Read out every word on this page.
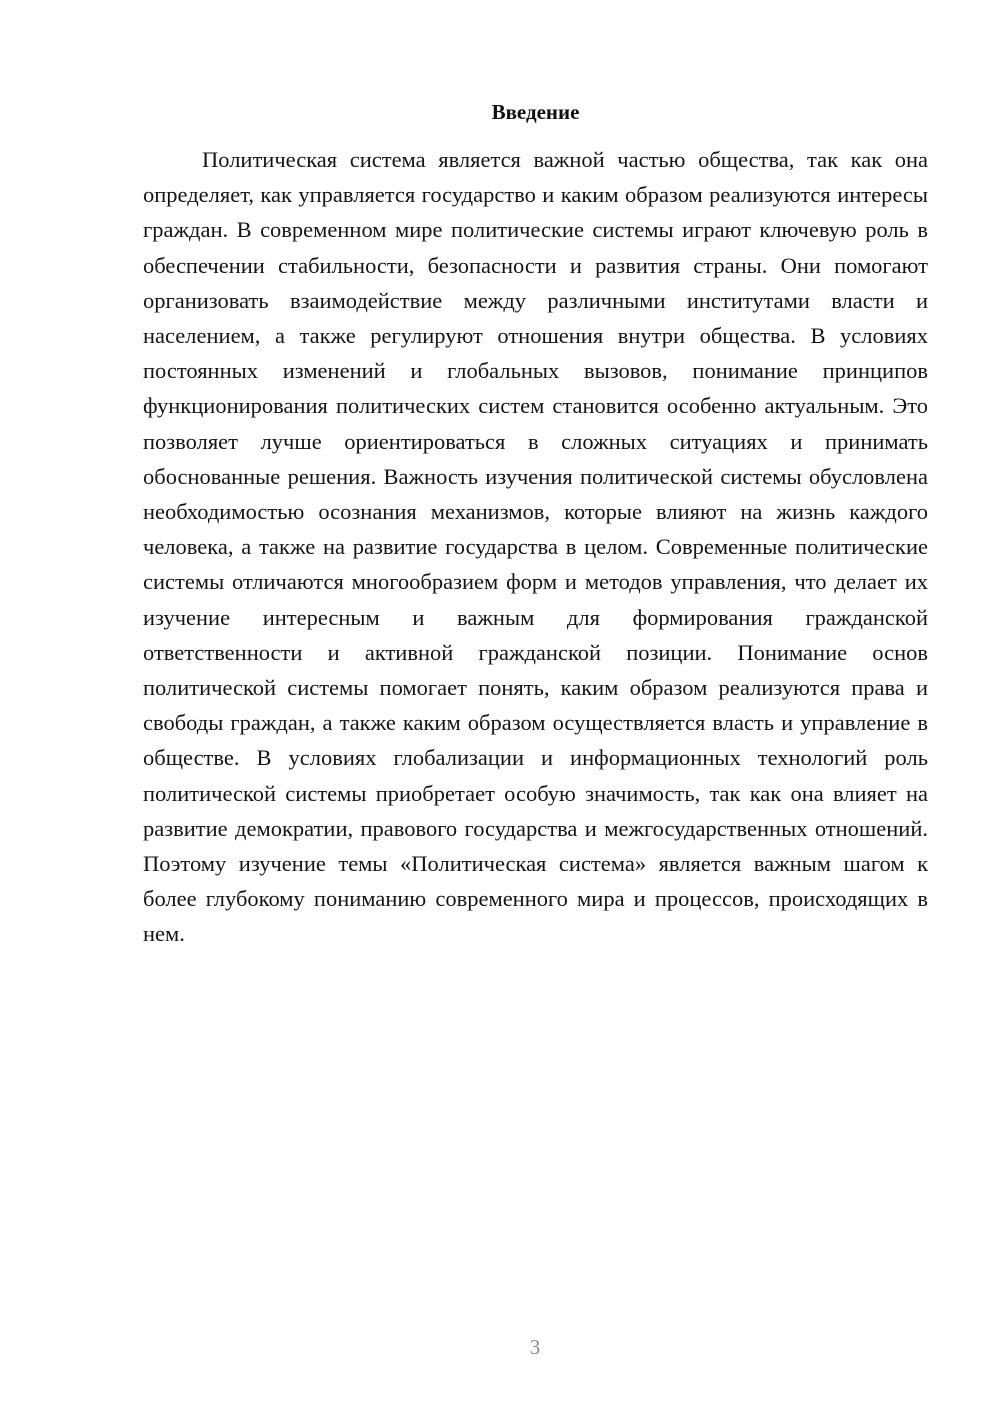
Введение

Политическая система является важной частью общества, так как она определяет, как управляется государство и каким образом реализуются интересы граждан. В современном мире политические системы играют ключевую роль в обеспечении стабильности, безопасности и развития страны. Они помогают организовать взаимодействие между различными институтами власти и населением, а также регулируют отношения внутри общества. В условиях постоянных изменений и глобальных вызовов, понимание принципов функционирования политических систем становится особенно актуальным. Это позволяет лучше ориентироваться в сложных ситуациях и принимать обоснованные решения. Важность изучения политической системы обусловлена необходимостью осознания механизмов, которые влияют на жизнь каждого человека, а также на развитие государства в целом. Современные политические системы отличаются многообразием форм и методов управления, что делает их изучение интересным и важным для формирования гражданской ответственности и активной гражданской позиции. Понимание основ политической системы помогает понять, каким образом реализуются права и свободы граждан, а также каким образом осуществляется власть и управление в обществе. В условиях глобализации и информационных технологий роль политической системы приобретает особую значимость, так как она влияет на развитие демократии, правового государства и межгосударственных отношений. Поэтому изучение темы «Политическая система» является важным шагом к более глубокому пониманию современного мира и процессов, происходящих в нем.

3
